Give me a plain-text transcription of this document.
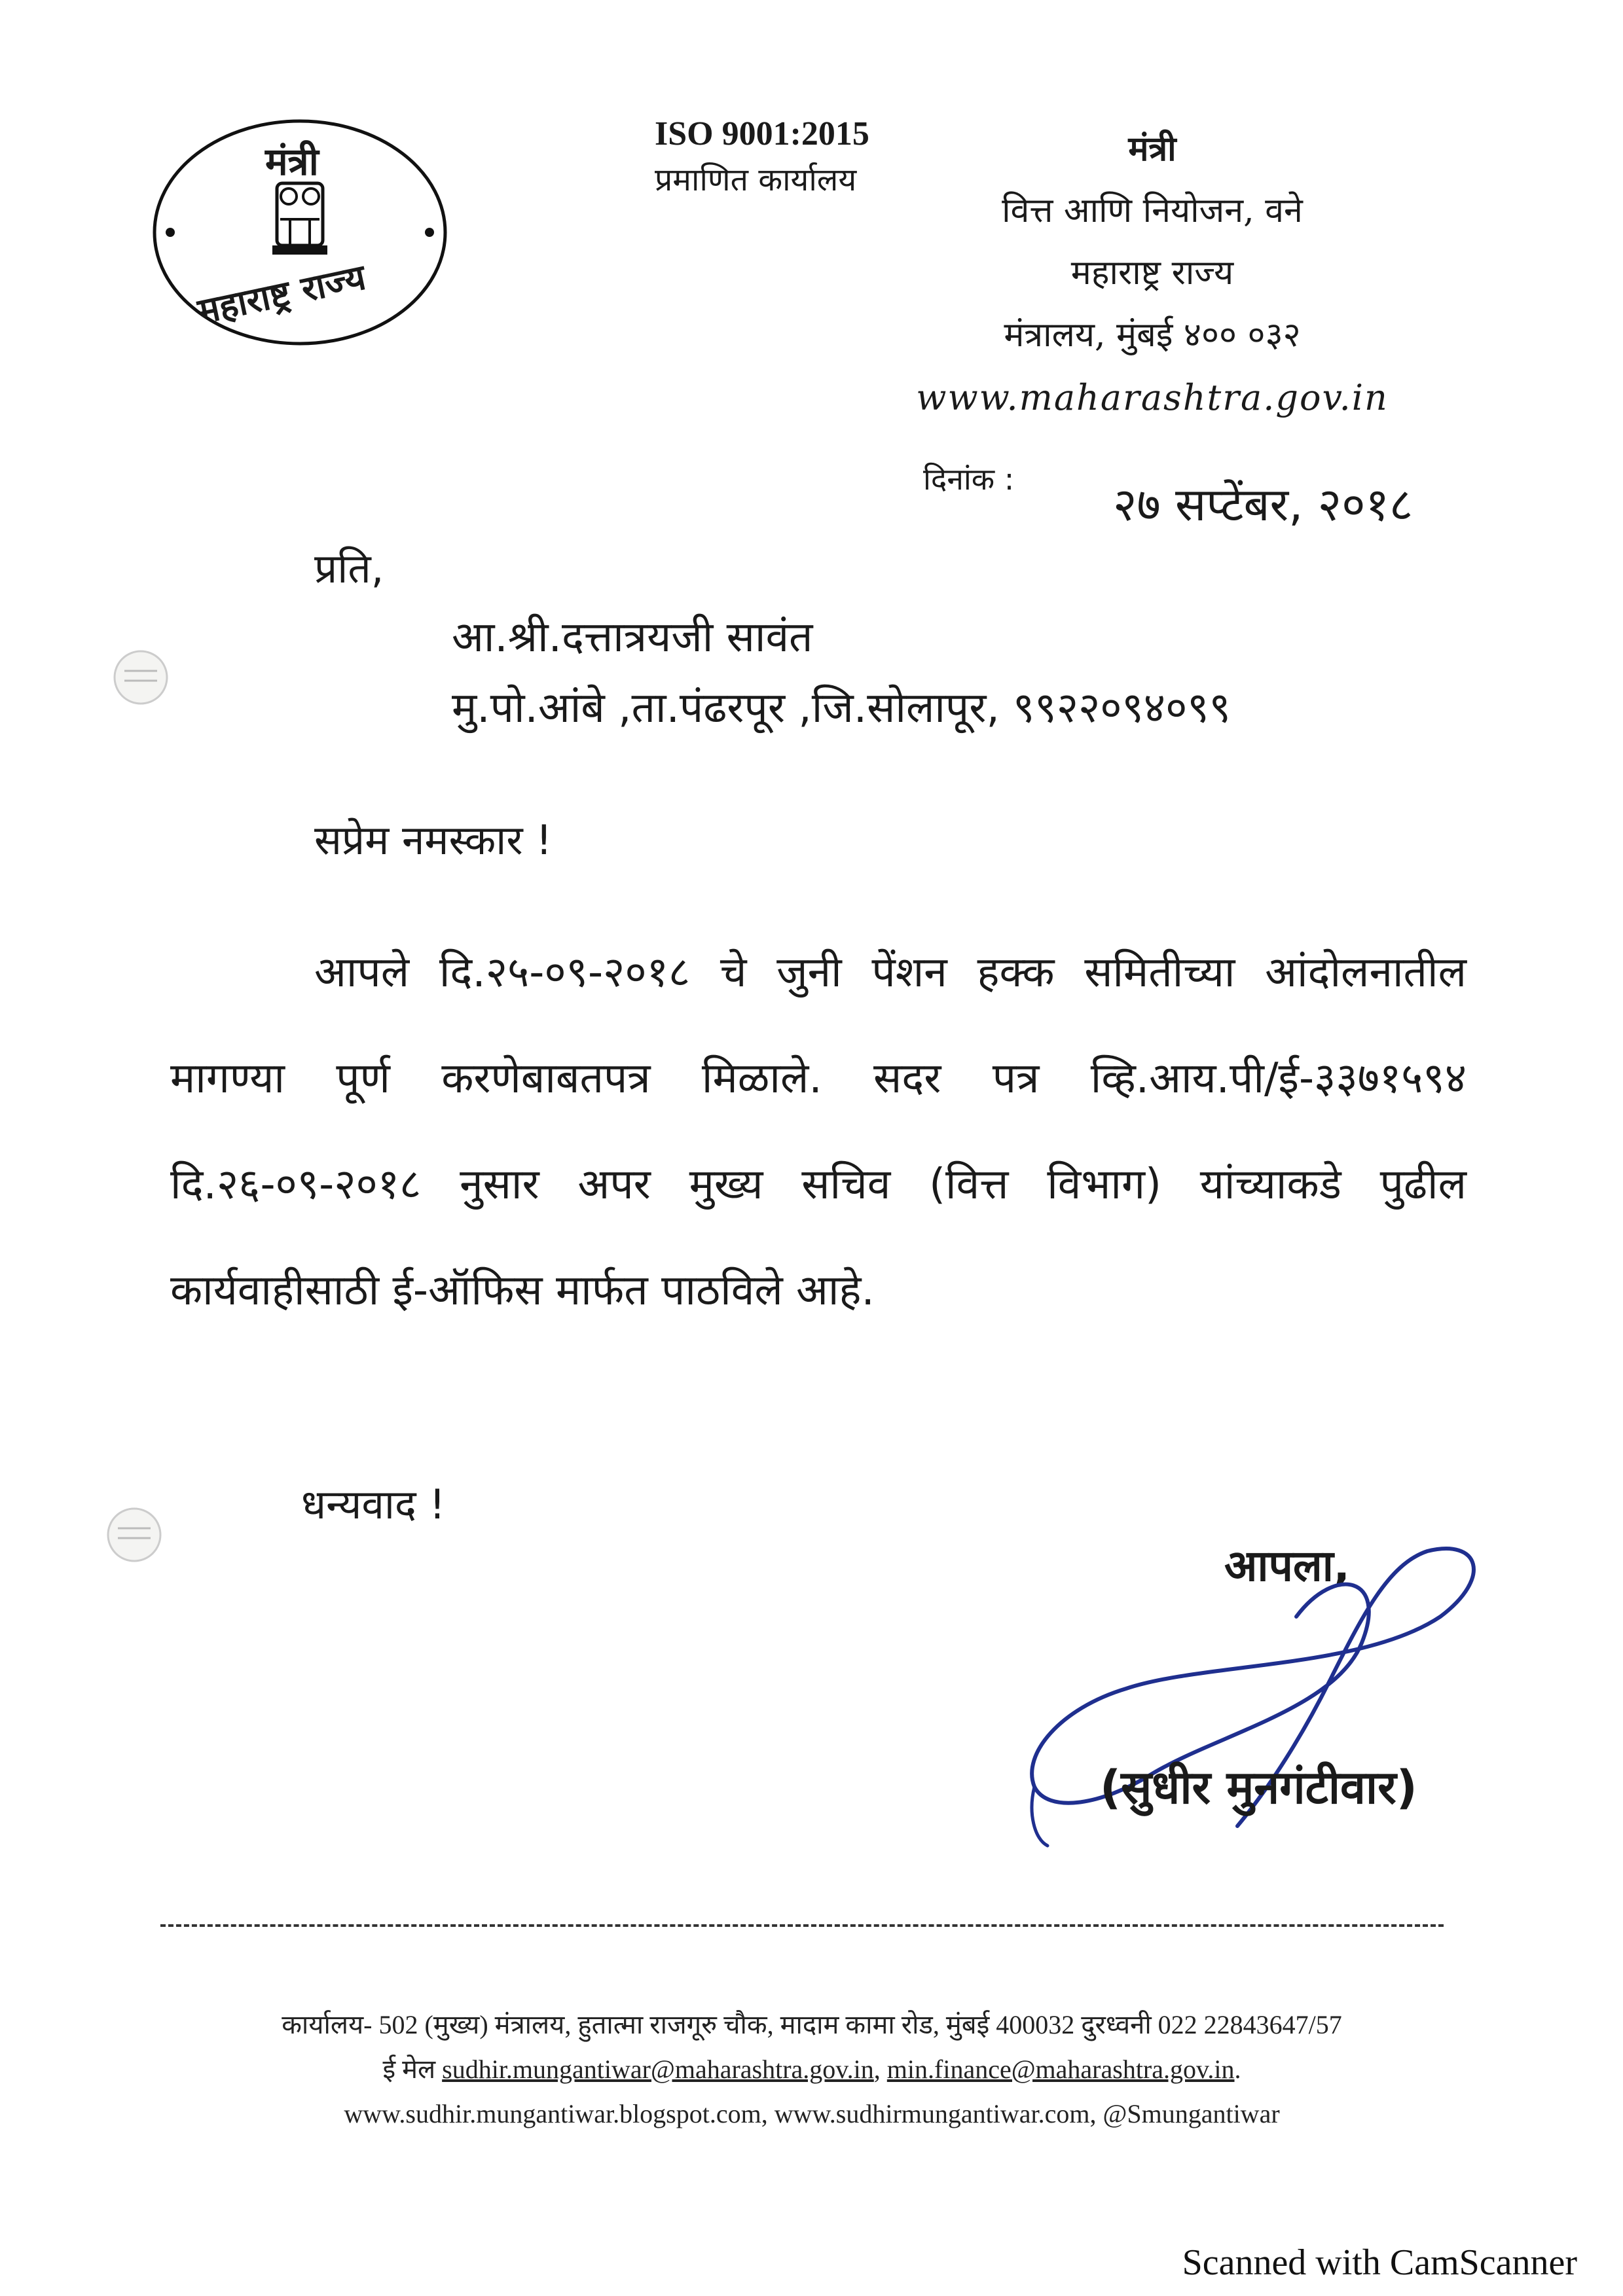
मंत्री
महाराष्ट्र राज्य
ISO 9001:2015
प्रमाणित कार्यालय
मंत्री
वित्त आणि नियोजन, वने
महाराष्ट्र राज्य
मंत्रालय, मुंबई ४०० ०३२
www.maharashtra.gov.in
दिनांक : २७ सप्टेंबर, २०१८
प्रति,
आ.श्री.दत्तात्रयजी सावंत
मु.पो.आंबे ,ता.पंढरपूर ,जि.सोलापूर, ९९२२०९४०९९
सप्रेम नमस्कार !

आपले दि.२५-०९-२०१८ चे जुनी पेंशन हक्क समितीच्या आंदोलनातील मागण्या पूर्ण करणेबाबतपत्र मिळाले. सदर पत्र व्हि.आय.पी/ई-३३७१५९४ दि.२६-०९-२०१८ नुसार अपर मुख्य सचिव (वित्त विभाग) यांच्याकडे पुढील कार्यवाहीसाठी ई-ऑफिस मार्फत पाठविले आहे.

धन्यवाद !
आपला,
(सुधीर मुनगंटीवार)
कार्यालय- 502 (मुख्य) मंत्रालय, हुतात्मा राजगूरु चौक, मादाम कामा रोड, मुंबई 400032 दुरध्वनी 022 22843647/57
ई मेल sudhir.mungantiwar@maharashtra.gov.in, min.finance@maharashtra.gov.in.
www.sudhir.mungantiwar.blogspot.com, www.sudhirmungantiwar.com, @Smungantiwar
Scanned with CamScanner
